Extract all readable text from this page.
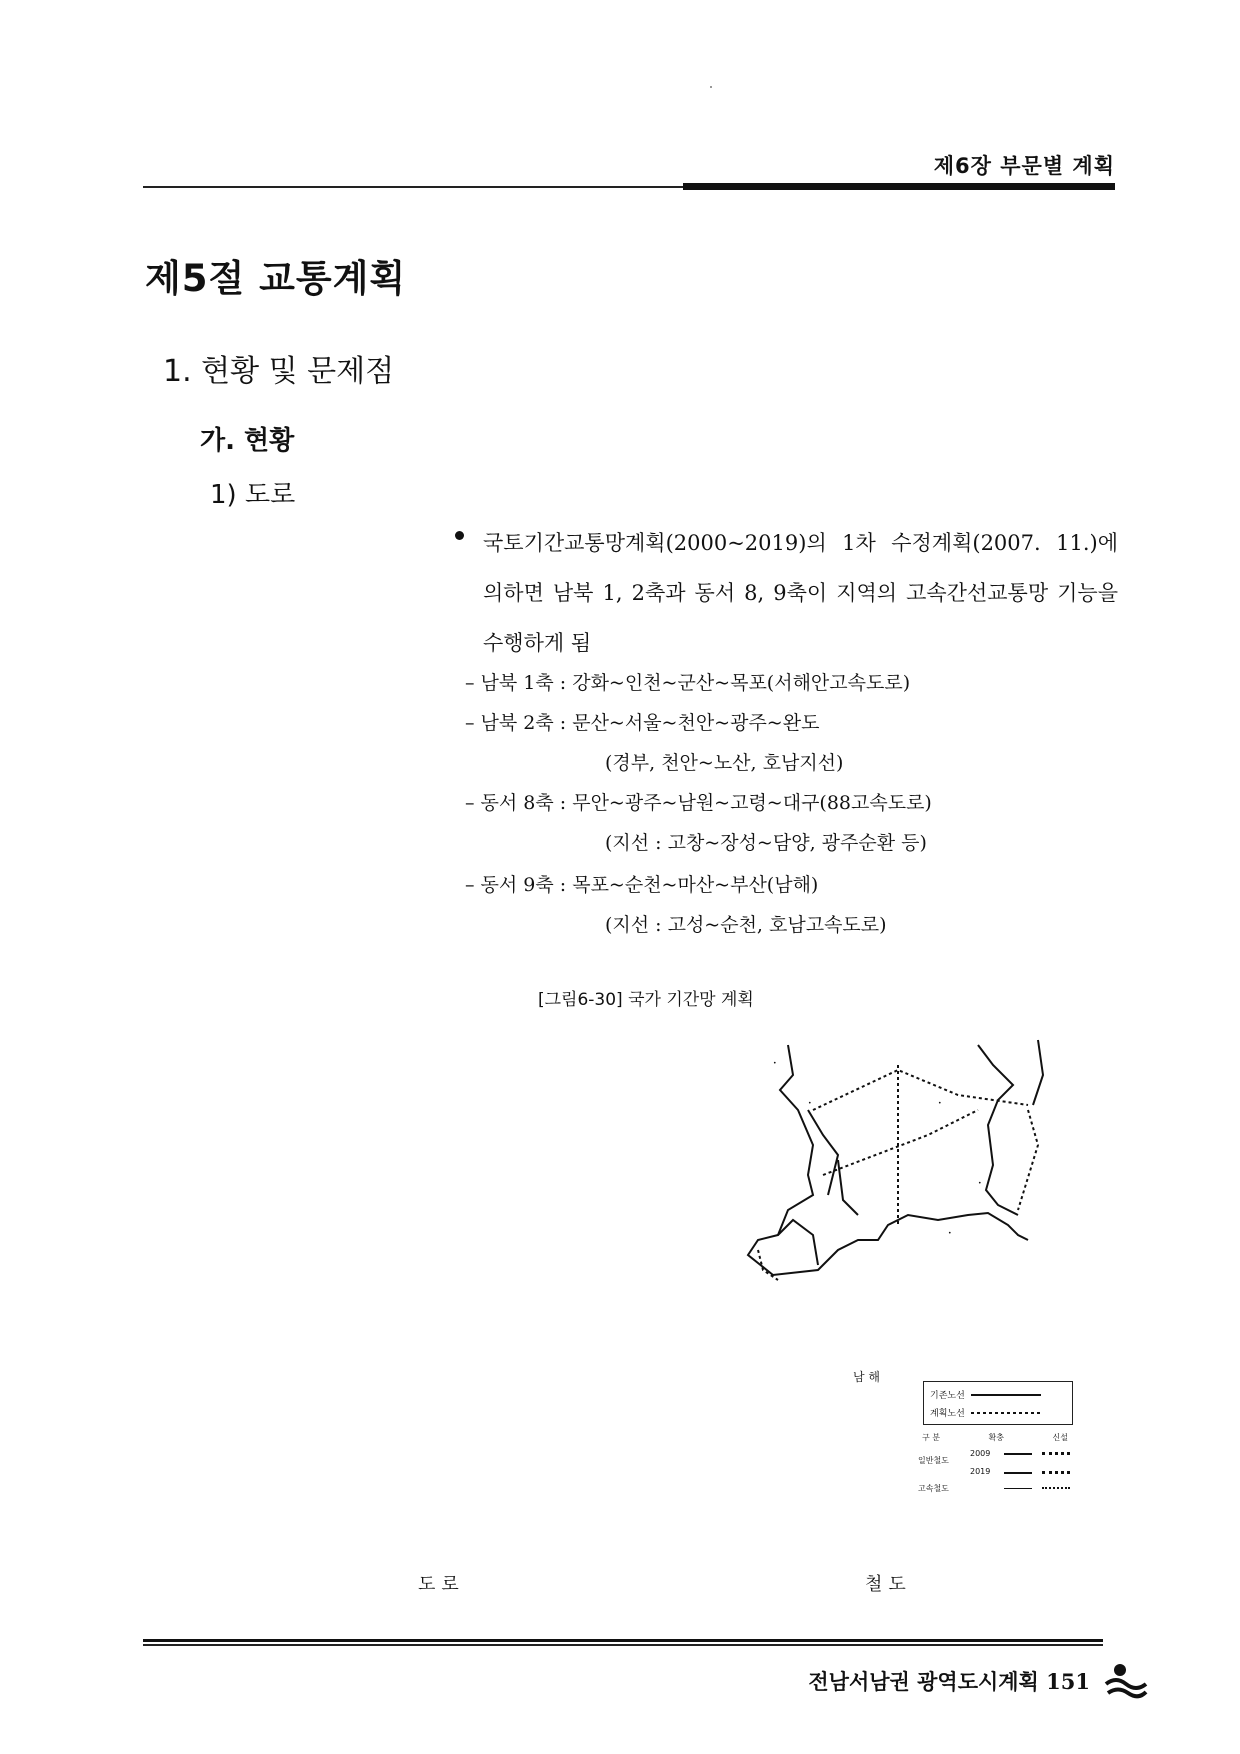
제6장 부문별 계획
제5절 교통계획
1. 현황 및 문제점
가. 현황
1) 도로
국토기간교통망계획(2000~2019)의 1차 수정계획(2007. 11.)에 의하면 남북 1, 2축과 동서 8, 9축이 지역의 고속간선교통망 기능을 수행하게 됨
– 남북 1축 : 강화~인천~군산~목포(서해안고속도로)
– 남북 2축 : 문산~서울~천안~광주~완도
(경부, 천안~노산, 호남지선)
– 동서 8축 : 무안~광주~남원~고령~대구(88고속도로)
(지선 : 고창~장성~담양, 광주순환 등)
– 동서 9축 : 목포~순천~마산~부산(남해)
(지선 : 고성~순천, 호남고속도로)
[그림6-30] 국가 기간망 계획
•
•	•
•
•
•
남 해
기존노선
계획노선
구 분	확충	신설
일반철도
2009
2019
고속철도
도로	철도
전남서남권 광역도시계획 151
